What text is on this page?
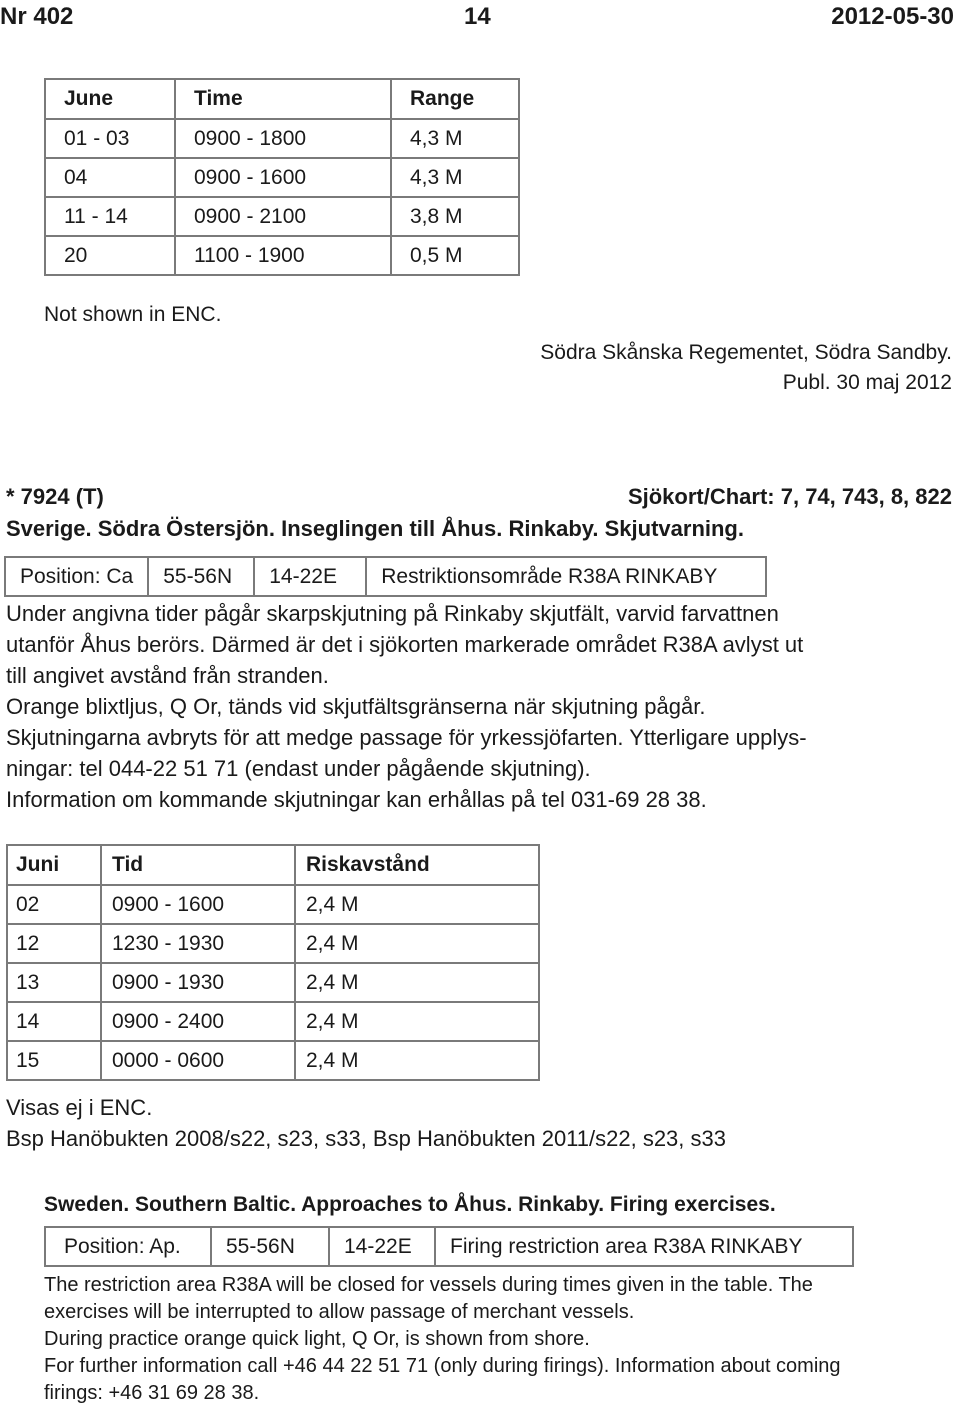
Nr 402	14	2012-05-30
June	Time	Range
01 - 03	0900 - 1800	4,3 M
04	0900 - 1600	4,3 M
11 - 14	0900 - 2100	3,8 M
20	1100 - 1900	0,5 M
Not shown in ENC.
Södra Skånska Regementet, Södra Sandby.
Publ. 30 maj 2012
* 7924 (T)	Sjökort/Chart: 7, 74, 743, 8, 822
Sverige. Södra Östersjön. Inseglingen till Åhus. Rinkaby. Skjutvarning.
Position: Ca	55-56N	14-22E	Restriktionsområde R38A RINKABY
Under angivna tider pågår skarpskjutning på Rinkaby skjutfält, varvid farvattnen
utanför Åhus berörs. Därmed är det i sjökorten markerade området R38A avlyst ut
till angivet avstånd från stranden.
Orange blixtljus, Q Or, tänds vid skjutfältsgränserna när skjutning pågår.
Skjutningarna avbryts för att medge passage för yrkessjöfarten. Ytterligare upplys-
ningar: tel 044-22 51 71 (endast under pågående skjutning).
Information om kommande skjutningar kan erhållas på tel 031-69 28 38.
Juni	Tid	Riskavstånd
02	0900 - 1600	2,4 M
12	1230 - 1930	2,4 M
13	0900 - 1930	2,4 M
14	0900 - 2400	2,4 M
15	0000 - 0600	2,4 M
Visas ej i ENC.
Bsp Hanöbukten 2008/s22, s23, s33, Bsp Hanöbukten 2011/s22, s23, s33
Sweden. Southern Baltic. Approaches to Åhus. Rinkaby. Firing exercises.
Position: Ap.	55-56N	14-22E	Firing restriction area R38A RINKABY
The restriction area R38A will be closed for vessels during times given in the table. The
exercises will be interrupted to allow passage of merchant vessels.
During practice orange quick light, Q Or, is shown from shore.
For further information call +46 44 22 51 71 (only during firings). Information about coming
firings: +46 31 69 28 38.
